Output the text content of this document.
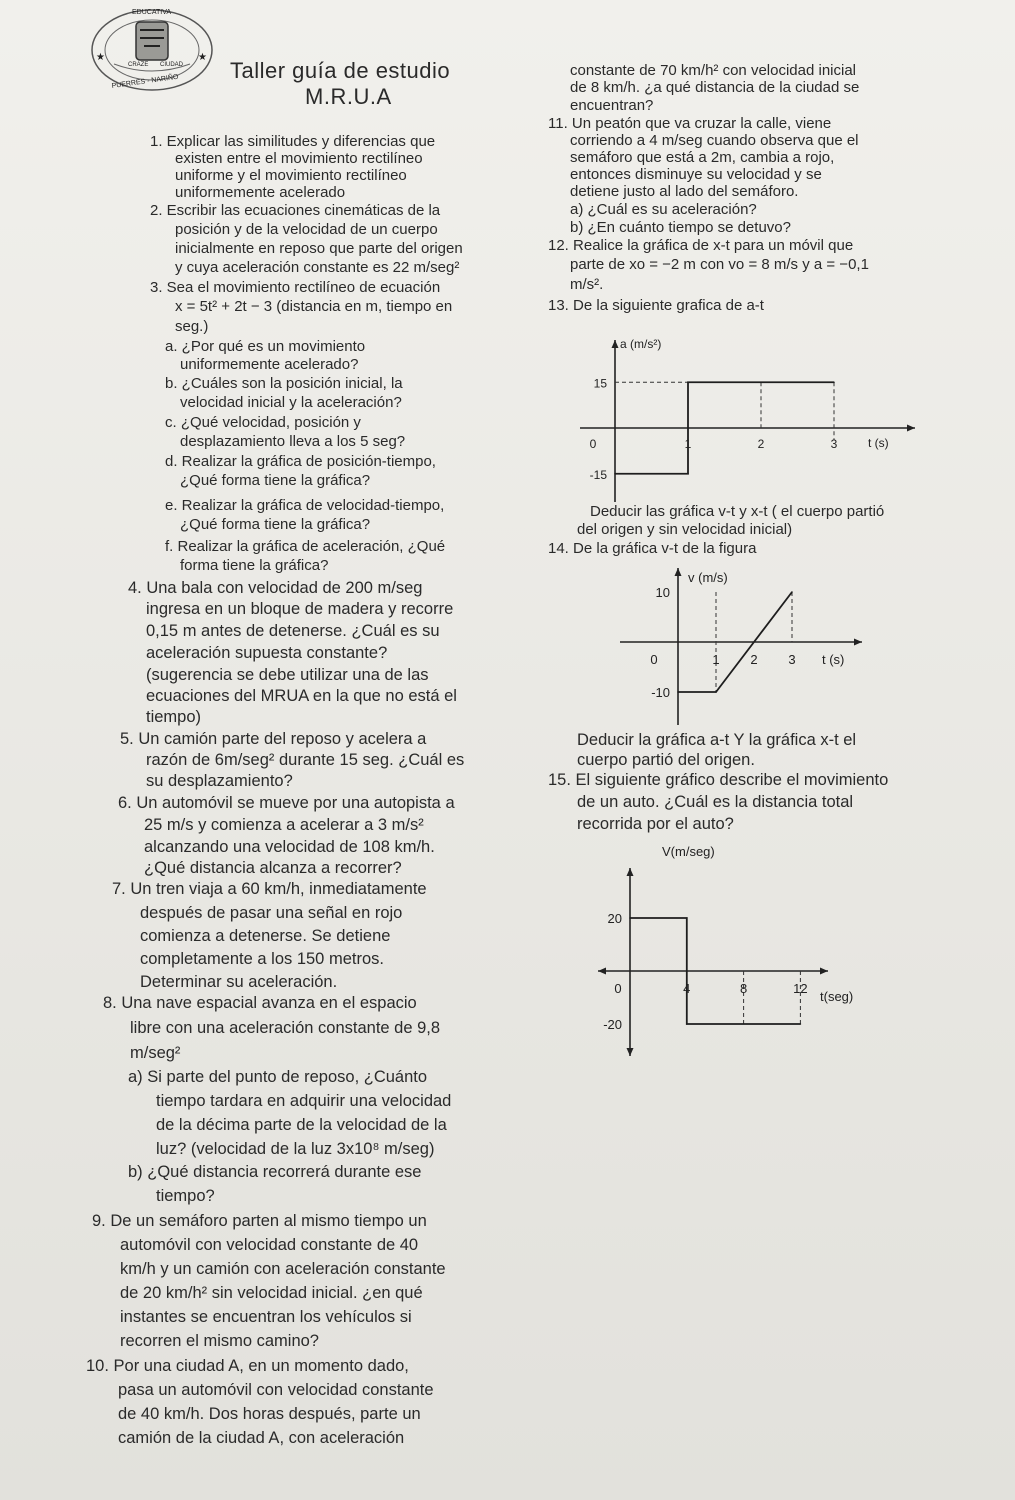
CRAZE CIUDAD
PUERRES - NARIÑO
EDUCATIVA
★	★
Taller guía de estudio
M.R.U.A
1. Explicar las similitudes y diferencias que
existen entre el movimiento rectilíneo
uniforme y el movimiento rectilíneo
uniformemente acelerado
2. Escribir las ecuaciones cinemáticas de la
posición y de la velocidad de un cuerpo
inicialmente en reposo que parte del origen
y cuya aceleración constante es 22 m/seg²
3. Sea el movimiento rectilíneo de ecuación
x = 5t² + 2t − 3 (distancia en m, tiempo en
seg.)
a. ¿Por qué es un movimiento
uniformemente acelerado?
b. ¿Cuáles son la posición inicial, la
velocidad inicial y la aceleración?
c. ¿Qué velocidad, posición y
desplazamiento lleva a los 5 seg?
d. Realizar la gráfica de posición-tiempo,
¿Qué forma tiene la gráfica?
e. Realizar la gráfica de velocidad-tiempo,
¿Qué forma tiene la gráfica?
f. Realizar la gráfica de aceleración, ¿Qué
forma tiene la gráfica?
4. Una bala con velocidad de 200 m/seg
ingresa en un bloque de madera y recorre
0,15 m antes de detenerse. ¿Cuál es su
aceleración supuesta constante?
(sugerencia se debe utilizar una de las
ecuaciones del MRUA en la que no está el
tiempo)
5. Un camión parte del reposo y acelera a
razón de 6m/seg² durante 15 seg. ¿Cuál es
su desplazamiento?
6. Un automóvil se mueve por una autopista a
25 m/s y comienza a acelerar a 3 m/s²
alcanzando una velocidad de 108 km/h.
¿Qué distancia alcanza a recorrer?
7. Un tren viaja a 60 km/h, inmediatamente
después de pasar una señal en rojo
comienza a detenerse. Se detiene
completamente a los 150 metros.
Determinar su aceleración.
8. Una nave espacial avanza en el espacio
libre con una aceleración constante de 9,8
m/seg²
a) Si parte del punto de reposo, ¿Cuánto
tiempo tardara en adquirir una velocidad
de la décima parte de la velocidad de la
luz? (velocidad de la luz 3x10⁸ m/seg)
b) ¿Qué distancia recorrerá durante ese
tiempo?
9. De un semáforo parten al mismo tiempo un
automóvil con velocidad constante de 40
km/h y un camión con aceleración constante
de 20 km/h² sin velocidad inicial. ¿en qué
instantes se encuentran los vehículos si
recorren el mismo camino?
10. Por una ciudad A, en un momento dado,
pasa un automóvil con velocidad constante
de 40 km/h. Dos horas después, parte un
camión de la ciudad A, con aceleración
constante de 70 km/h² con velocidad inicial
de 8 km/h. ¿a qué distancia de la ciudad se
encuentran?
11. Un peatón que va cruzar la calle, viene
corriendo a 4 m/seg cuando observa que el
semáforo que está a 2m, cambia a rojo,
entonces disminuye su velocidad y se
detiene justo al lado del semáforo.
a) ¿Cuál es su aceleración?
b) ¿En cuánto tiempo se detuvo?
12. Realice la gráfica de x-t para un móvil que
parte de xo = −2 m con vo = 8 m/s y a = −0,1
m/s².
13. De la siguiente grafica de a-t
0	1	2	3
15
-15
t (s)
a (m/s²)
Deducir las gráfica v-t y x-t ( el cuerpo partió
del origen y sin velocidad inicial)
14. De la gráfica v-t de la figura
0	1 2 3
10
-10
t (s)
v (m/s)
Deducir la gráfica a-t Y la gráfica x-t el
cuerpo partió del origen.
15. El siguiente gráfico describe el movimiento
de un auto. ¿Cuál es la distancia total
recorrida por el auto?
0	4	8	12
20
-20
t(seg)
V(m/seg)
